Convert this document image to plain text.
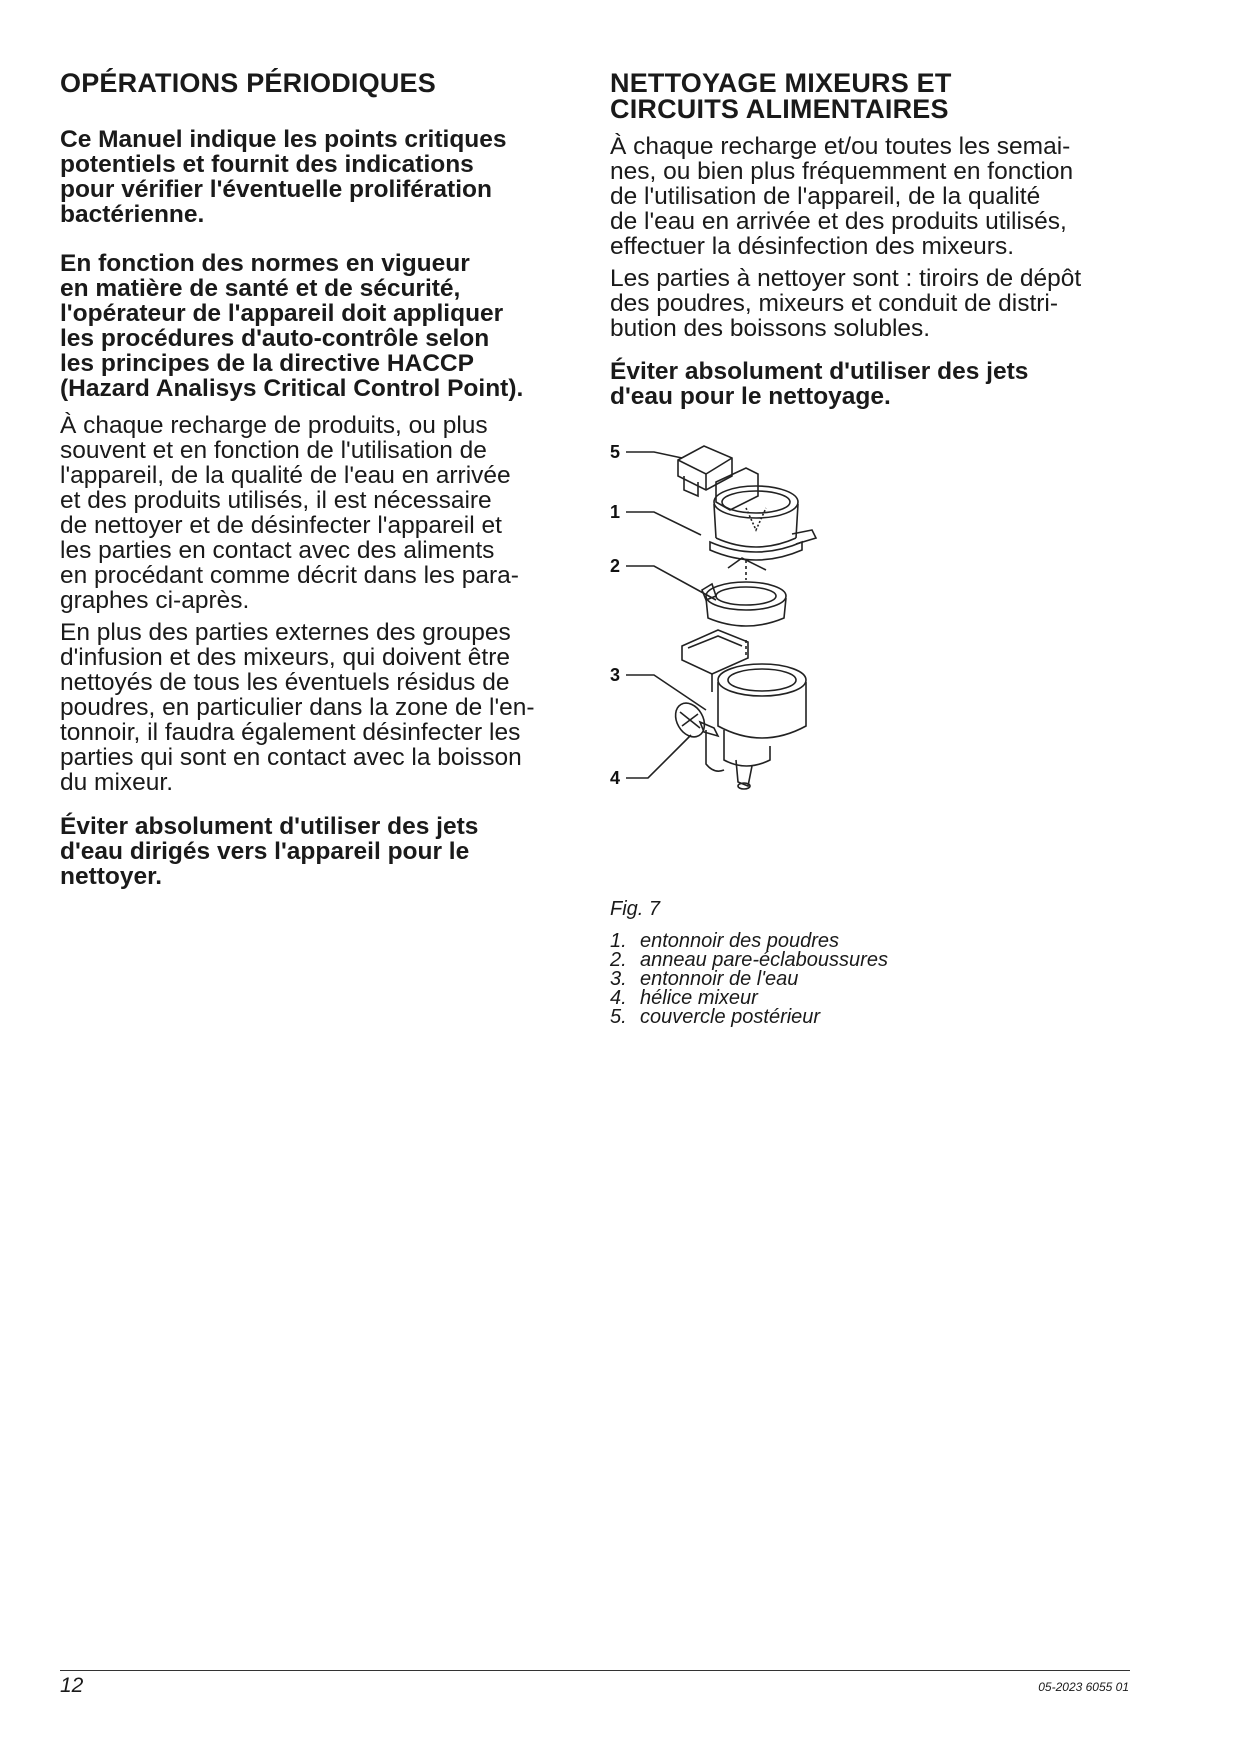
OPÉRATIONS PÉRIODIQUES
Ce Manuel indique les points critiques
potentiels et fournit des indications
pour vérifier l'éventuelle prolifération
bactérienne.
En fonction des normes en vigueur
en matière de santé et de sécurité,
l'opérateur de l'appareil doit appliquer
les procédures d'auto-contrôle selon
les principes de la directive HACCP
(Hazard Analisys Critical Control Point).
À chaque recharge de produits, ou plus
souvent et en fonction de l'utilisation de
l'appareil, de la qualité de l'eau en arrivée
et des produits utilisés, il est nécessaire
de nettoyer et de désinfecter l'appareil et
les parties en contact avec des aliments
en procédant comme décrit dans les para-
graphes ci-après.
En plus des parties externes des groupes
d'infusion et des mixeurs, qui doivent être
nettoyés de tous les éventuels résidus de
poudres, en particulier dans la zone de l'en-
tonnoir, il faudra également désinfecter les
parties qui sont en contact avec la boisson
du mixeur.
Éviter absolument d'utiliser des jets
d'eau dirigés vers l'appareil pour le
nettoyer.
NETTOYAGE MIXEURS ET
CIRCUITS ALIMENTAIRES
À chaque recharge et/ou toutes les semai-
nes, ou bien plus fréquemment en fonction
de l'utilisation de l'appareil, de la qualité
de l'eau en arrivée et des produits utilisés,
effectuer la désinfection des mixeurs.
Les parties à nettoyer sont : tiroirs de dépôt
des poudres, mixeurs et conduit de distri-
bution des boissons solubles.
Éviter absolument d'utiliser des jets
d'eau pour le nettoyage.
5
1
2
3
4
Fig. 7
1. entonnoir des poudres
2. anneau pare-éclaboussures
3. entonnoir de l'eau
4. hélice mixeur
5. couvercle postérieur
12	05-2023 6055 01
